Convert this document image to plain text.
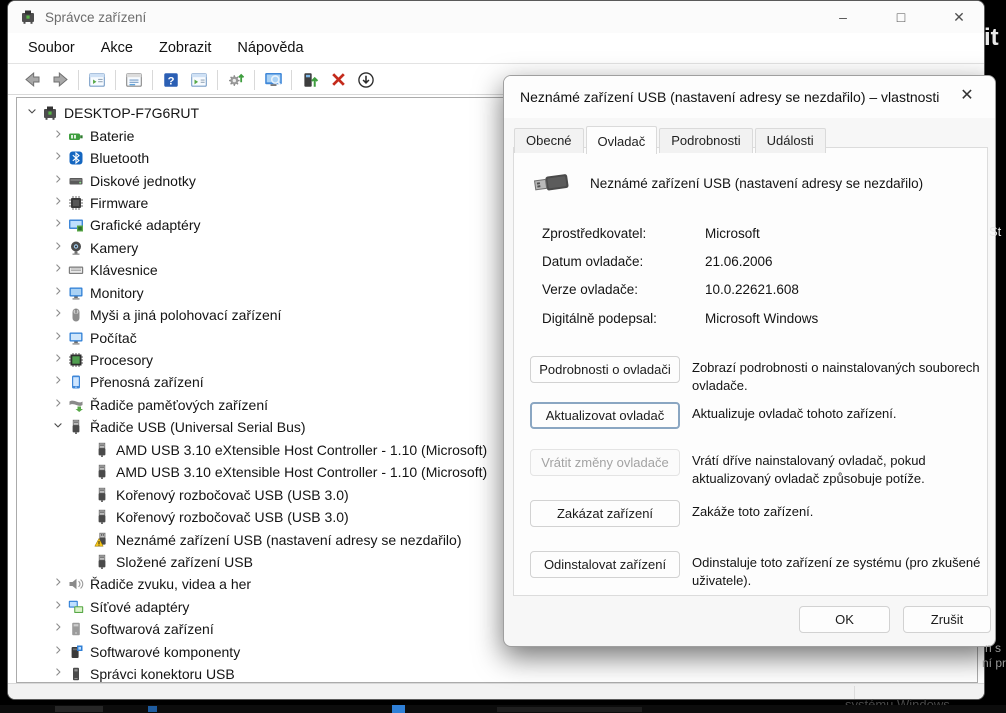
Správce zařízení	–	□	✕
Soubor Akce Zobrazit Nápověda
?
DESKTOP-F7G6RUT
Baterie
Bluetooth
Diskové jednotky
Firmware
Grafické adaptéry
Kamery
Klávesnice
Monitory
Myši a jiná polohovací zařízení
Počítač
Procesory
Přenosná zařízení
Řadiče paměťových zařízení
Řadiče USB (Universal Serial Bus)
AMD USB 3.10 eXtensible Host Controller - 1.10 (Microsoft)
AMD USB 3.10 eXtensible Host Controller - 1.10 (Microsoft)
Kořenový rozbočovač USB (USB 3.0)
Kořenový rozbočovač USB (USB 3.0)
Neznámé zařízení USB (nastavení adresy se nezdařilo)
Složené zařízení USB
Řadiče zvuku, videa a her
Síťové adaptéry
Softwarová zařízení
Softwarové komponenty
Správci konektoru USB
Neznámé zařízení USB (nastavení adresy se nezdařilo) – vlastnosti	✕
Obecné	Ovladač	Podrobnosti	Události
Neznámé zařízení USB (nastavení adresy se nezdařilo)
Zprostředkovatel:	Microsoft
Datum ovladače:	21.06.2006
Verze ovladače:	10.0.22621.608
Digitálně podepsal:	Microsoft Windows
Podrobnosti o ovladači	Zobrazí podrobnosti o nainstalovaných souborech ovladače.
Aktualizovat ovladač	Aktualizuje ovladač tohoto zařízení.
Vrátit změny ovladače	Vrátí dříve nainstalovaný ovladač, pokud aktualizovaný ovladač způsobuje potíže.
Zakázat zařízení	Zakáže toto zařízení.
Odinstalovat zařízení	Odinstaluje toto zařízení ze systému (pro zkušené uživatele).
OK	Zrušit
it
St
n s
ní pr
